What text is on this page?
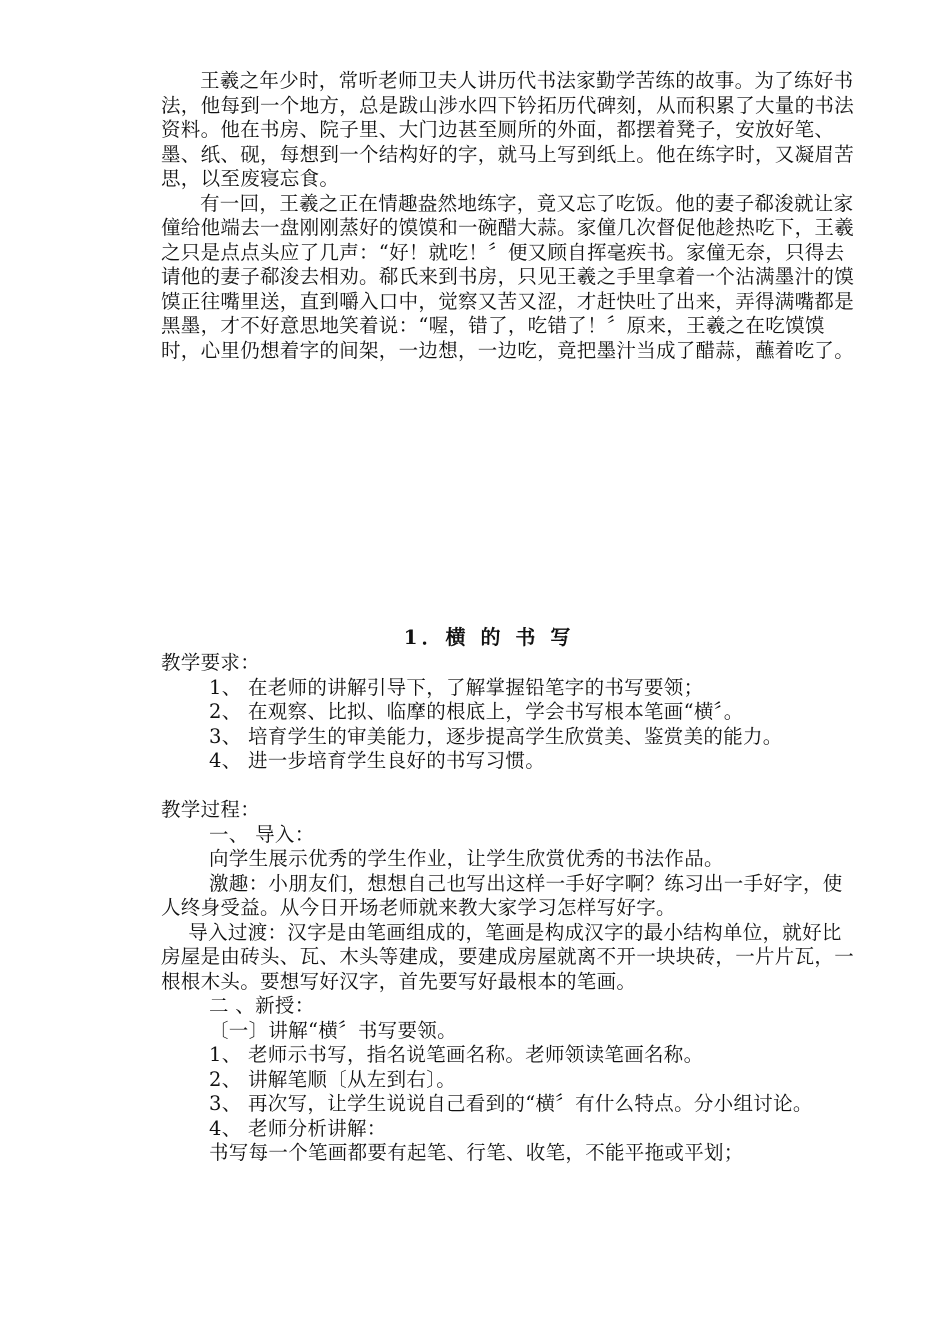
王羲之年少时，常听老师卫夫人讲历代书法家勤学苦练的故事。为了练好书法，他每到一个地方，总是跋山涉水四下钤拓历代碑刻，从而积累了大量的书法资料。他在书房、院子里、大门边甚至厕所的外面，都摆着凳子，安放好笔、墨、纸、砚，每想到一个结构好的字，就马上写到纸上。他在练字时，又凝眉苦思，以至废寝忘食。

有一回，王羲之正在情趣盎然地练字，竟又忘了吃饭。他的妻子郗浚就让家僮给他端去一盘刚刚蒸好的馍馍和一碗醋大蒜。家僮几次督促他趁热吃下，王羲之只是点点头应了几声：“好！就吃！〞便又顾自挥毫疾书。家僮无奈，只得去请他的妻子郗浚去相劝。郗氏来到书房，只见王羲之手里拿着一个沾满墨汁的馍馍正往嘴里送，直到嚼入口中，觉察又苦又涩，才赶快吐了出来，弄得满嘴都是黑墨，才不好意思地笑着说：“喔，错了，吃错了！〞原来，王羲之在吃馍馍时，心里仍想着字的间架，一边想，一边吃，竟把墨汁当成了醋蒜，蘸着吃了。

1．横 的 书 写

教学要求：

1、 在老师的讲解引导下，了解掌握铅笔字的书写要领；

2、 在观察、比拟、临摩的根底上，学会书写根本笔画“横〞。

3、 培育学生的审美能力，逐步提高学生欣赏美、鉴赏美的能力。

4、 进一步培育学生良好的书写习惯。

教学过程：

一、 导入：

向学生展示优秀的学生作业，让学生欣赏优秀的书法作品。

激趣：小朋友们，想想自己也写出这样一手好字啊？练习出一手好字，使人终身受益。从今日开场老师就来教大家学习怎样写好字。

导入过渡：汉字是由笔画组成的，笔画是构成汉字的最小结构单位，就好比房屋是由砖头、瓦、木头等建成，要建成房屋就离不开一块块砖，一片片瓦，一根根木头。要想写好汉字，首先要写好最根本的笔画。

二 、新授：

〔一〕讲解“横〞书写要领。

1、 老师示书写，指名说笔画名称。老师领读笔画名称。

2、 讲解笔顺〔从左到右〕。

3、 再次写，让学生说说自己看到的“横〞有什么特点。分小组讨论。

4、 老师分析讲解：

书写每一个笔画都要有起笔、行笔、收笔，不能平拖或平划；
